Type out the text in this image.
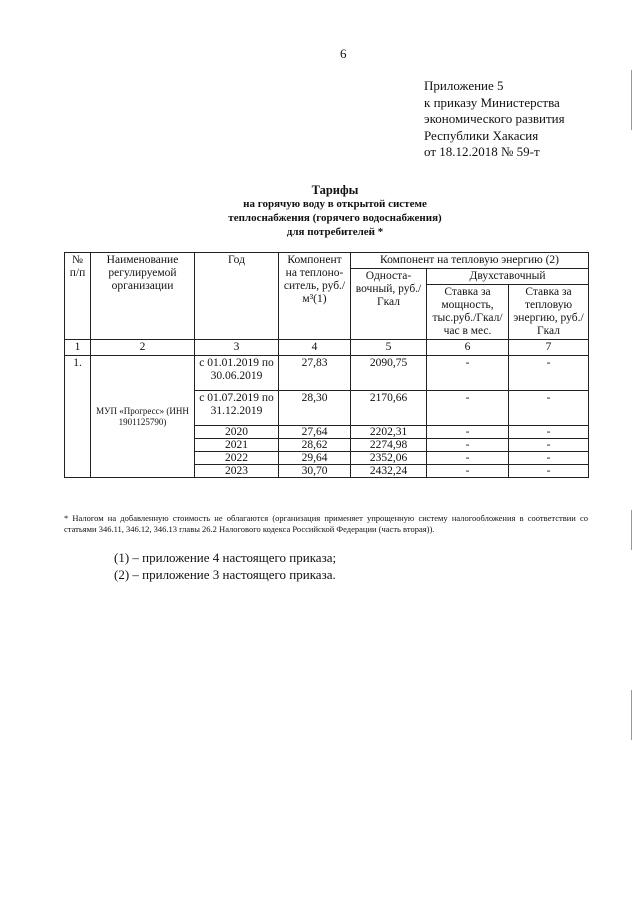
6
Приложение 5
к приказу Министерства
экономического развития
Республики Хакасия
от 18.12.2018 № 59-т
Тарифы
на горячую воду в открытой системе
теплоснабжения (горячего водоснабжения)
для потребителей *
№ п/п	Наименование регулируемой организации	Год	Компонент на теплоно-ситель, руб./м³(1)	Компонент на тепловую энергию (2)		
				Односта-вочный, руб./Гкал	Двухставочный	
					Ставка за мощность, тыс.руб./Гкал/час в мес.	Ставка за тепловую энергию, руб./Гкал
1	2	3	4	5	6	7
1.	МУП «Прогресс» (ИНН 1901125790)	с 01.01.2019 по 30.06.2019	27,83	2090,75	-	-
		с 01.07.2019 по 31.12.2019	28,30	2170,66	-	-
		2020	27,64	2202,31	-	-
		2021	28,62	2274,98	-	-
		2022	29,64	2352,06	-	-
		2023	30,70	2432,24	-	-
* Налогом на добавленную стоимость не облагаются (организация применяет упрощенную систему налогообложения в соответствии со статьями 346.11, 346.12, 346.13 главы 26.2 Налогового кодекса Российской Федерации (часть вторая)).
(1) – приложение 4 настоящего приказа;
(2) – приложение 3 настоящего приказа.
